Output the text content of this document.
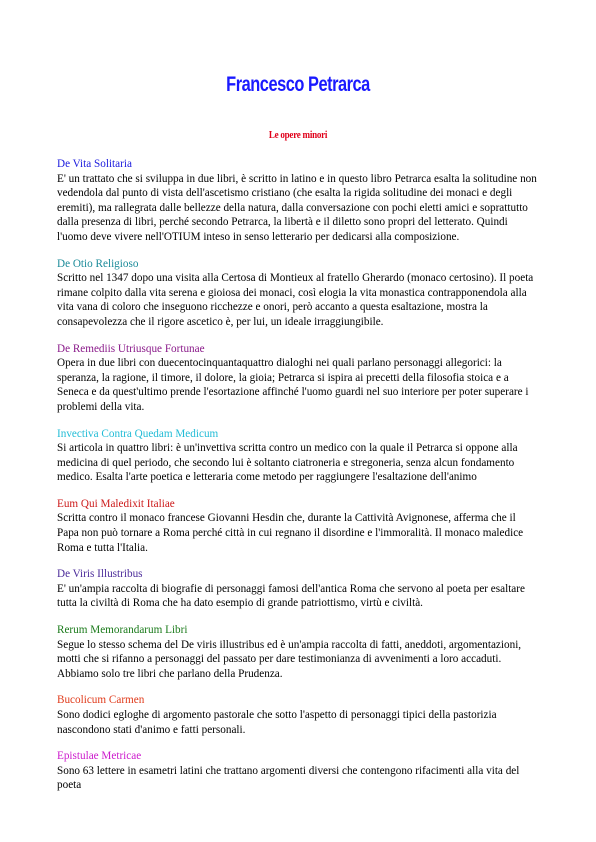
Francesco Petrarca
Le opere minori

De Vita Solitaria

E' un trattato che si sviluppa in due libri, è scritto in latino e in questo libro Petrarca esalta la solitudine non vedendola dal punto di vista dell'ascetismo cristiano (che esalta la rigida solitudine dei monaci e degli eremiti), ma rallegrata dalle bellezze della natura, dalla conversazione con pochi eletti amici e soprattutto dalla presenza di libri, perché secondo Petrarca, la libertà e il diletto sono propri del letterato. Quindi l'uomo deve vivere nell'OTIUM inteso in senso letterario per dedicarsi alla composizione.

De Otio Religioso

Scritto nel 1347 dopo una visita alla Certosa di Montieux al fratello Gherardo (monaco certosino). Il poeta rimane colpito dalla vita serena e gioiosa dei monaci, così elogia la vita monastica contrapponendola alla vita vana di coloro che inseguono ricchezze e onori, però accanto a questa esaltazione, mostra la consapevolezza che il rigore ascetico è, per lui, un ideale irraggiungibile.

De Remediis Utriusque Fortunae

Opera in due libri con duecentocinquantaquattro dialoghi nei quali parlano personaggi allegorici: la speranza, la ragione, il timore, il dolore, la gioia; Petrarca si ispira ai precetti della filosofia stoica e a Seneca e da quest'ultimo prende l'esortazione affinché l'uomo guardi nel suo interiore per poter superare i problemi della vita.

Invectiva Contra Quedam Medicum

Si articola in quattro libri: è un'invettiva scritta contro un medico con la quale il Petrarca si oppone alla medicina di quel periodo, che secondo lui è soltanto ciatroneria e stregoneria, senza alcun fondamento medico. Esalta l'arte poetica e letteraria come metodo per raggiungere l'esaltazione dell'animo

Eum Qui Maledixit Italiae

Scritta contro il monaco francese Giovanni Hesdin che, durante la Cattività Avignonese, afferma che il Papa non può tornare a Roma perché città in cui regnano il disordine e l'immoralità. Il monaco maledice Roma e tutta l'Italia.

De Viris Illustribus

E' un'ampia raccolta di biografie di personaggi famosi dell'antica Roma che servono al poeta per esaltare tutta la civiltà di Roma che ha dato esempio di grande patriottismo, virtù e civiltà.

Rerum Memorandarum Libri

Segue lo stesso schema del De viris illustribus ed è un'ampia raccolta di fatti, aneddoti, argomentazioni, motti che si rifanno a personaggi del passato per dare testimonianza di avvenimenti a loro accaduti. Abbiamo solo tre libri che parlano della Prudenza.

Bucolicum Carmen

Sono dodici egloghe di argomento pastorale che sotto l'aspetto di personaggi tipici della pastorizia nascondono stati d'animo e fatti personali.

Epistulae Metricae

Sono 63 lettere in esametri latini che trattano argomenti diversi che contengono rifacimenti alla vita del poeta
